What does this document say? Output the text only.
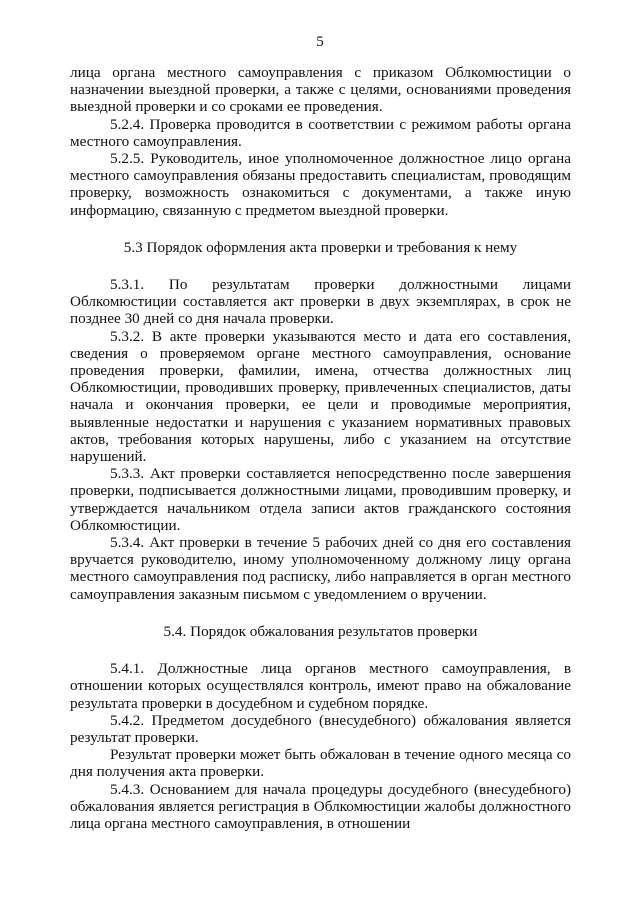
5

лица органа местного самоуправления с приказом Облкомюстиции о назначении выездной проверки, а также с целями, основаниями проведения выездной проверки и со сроками ее проведения.

5.2.4. Проверка проводится в соответствии с режимом работы органа местного самоуправления.

5.2.5. Руководитель, иное уполномоченное должностное лицо органа местного самоуправления обязаны предоставить специалистам, проводящим проверку, возможность ознакомиться с документами, а также иную информацию, связанную с предметом выездной проверки.

5.3 Порядок оформления акта проверки и требования к нему

5.3.1. По результатам проверки должностными лицами Облкомюстиции составляется акт проверки в двух экземплярах, в срок не позднее 30 дней со дня начала проверки.

5.3.2. В акте проверки указываются место и дата его составления, сведения о проверяемом органе местного самоуправления, основание проведения проверки, фамилии, имена, отчества должностных лиц Облкомюстиции, проводивших проверку, привлеченных специалистов, даты начала и окончания проверки, ее цели и проводимые мероприятия, выявленные недостатки и нарушения с указанием нормативных правовых актов, требования которых нарушены, либо с указанием на отсутствие нарушений.

5.3.3. Акт проверки составляется непосредственно после завершения проверки, подписывается должностными лицами, проводившим проверку, и утверждается начальником отдела записи актов гражданского состояния Облкомюстиции.

5.3.4. Акт проверки в течение 5 рабочих дней со дня его составления вручается руководителю, иному уполномоченному должному лицу органа местного самоуправления под расписку, либо направляется в орган местного самоуправления заказным письмом с уведомлением о вручении.

5.4. Порядок обжалования результатов проверки

5.4.1. Должностные лица органов местного самоуправления, в отношении которых осуществлялся контроль, имеют право на обжалование результата проверки в досудебном и судебном порядке.

5.4.2. Предметом досудебного (внесудебного) обжалования является результат проверки.

Результат проверки может быть обжалован в течение одного месяца со дня получения акта проверки.

5.4.3. Основанием для начала процедуры досудебного (внесудебного) обжалования является регистрация в Облкомюстиции жалобы должностного лица органа местного самоуправления, в отношении
